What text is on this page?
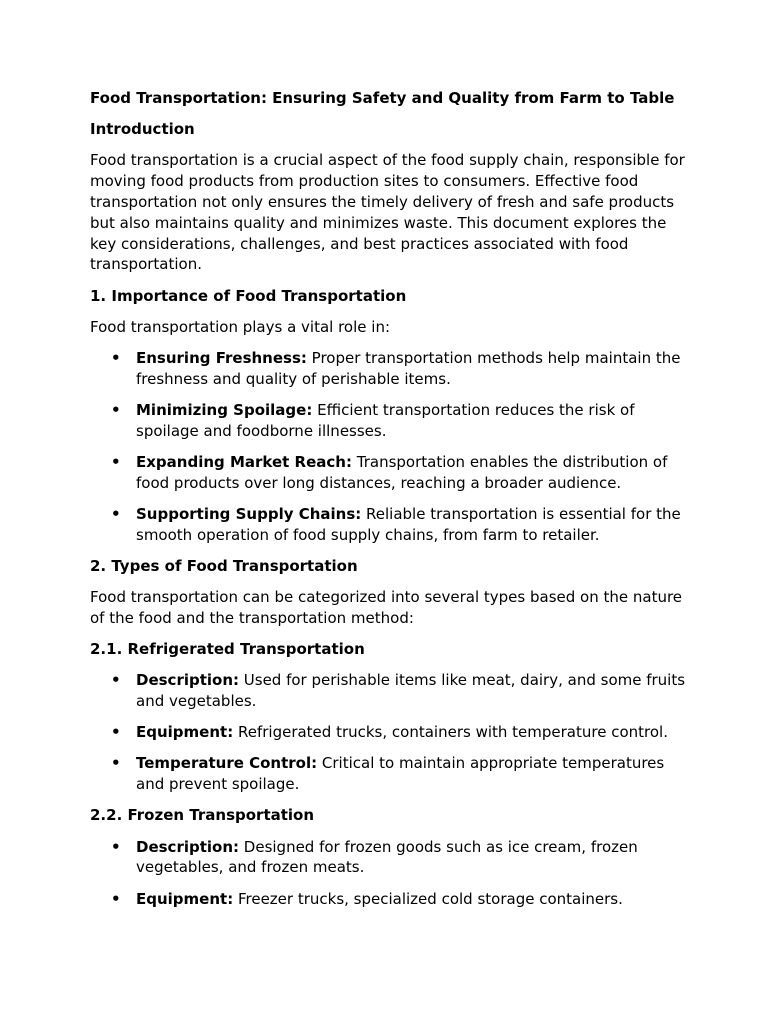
Food Transportation: Ensuring Safety and Quality from Farm to Table
Introduction
Food transportation is a crucial aspect of the food supply chain, responsible for moving food products from production sites to consumers. Effective food transportation not only ensures the timely delivery of fresh and safe products but also maintains quality and minimizes waste. This document explores the key considerations, challenges, and best practices associated with food transportation.
1. Importance of Food Transportation
Food transportation plays a vital role in:
• Ensuring Freshness: Proper transportation methods help maintain the freshness and quality of perishable items.
• Minimizing Spoilage: Efficient transportation reduces the risk of spoilage and foodborne illnesses.
• Expanding Market Reach: Transportation enables the distribution of food products over long distances, reaching a broader audience.
• Supporting Supply Chains: Reliable transportation is essential for the smooth operation of food supply chains, from farm to retailer.
2. Types of Food Transportation
Food transportation can be categorized into several types based on the nature of the food and the transportation method:
2.1. Refrigerated Transportation
• Description: Used for perishable items like meat, dairy, and some fruits and vegetables.
• Equipment: Refrigerated trucks, containers with temperature control.
• Temperature Control: Critical to maintain appropriate temperatures and prevent spoilage.
2.2. Frozen Transportation
• Description: Designed for frozen goods such as ice cream, frozen vegetables, and frozen meats.
• Equipment: Freezer trucks, specialized cold storage containers.
